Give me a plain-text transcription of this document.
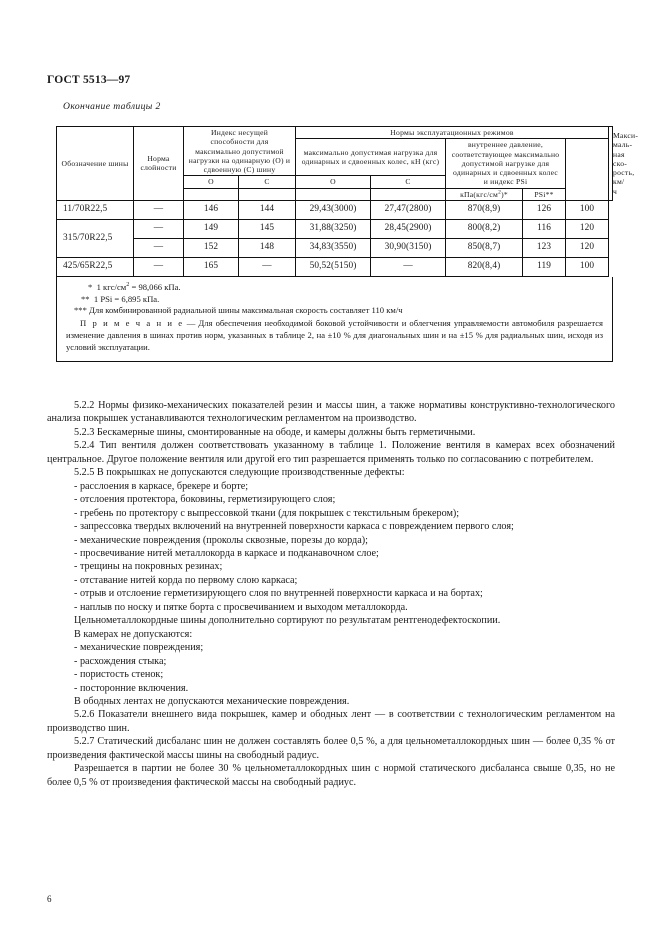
ГОСТ 5513—97
Окончание таблицы 2
Обозначение шины	Норма слойности	Индекс несущей способности для максимально допустимой нагрузки на одинарную (О) и сдвоенную (С) шину		Нормы эксплуатационных режимов					Максимальная скорость, км/ч

				максимально допустимая нагрузка для одинарных и сдвоенных колес, кН (кгс)		внутреннее давление, соответствующее максимально допустимой нагрузке для одинарных и сдвоенных колес и индекс PSi			

		О	С	О	С				
						$кПа(кгс/см^2)*$	PSi**		
11/70R22,5	—	146	144	29,43(3000)	27,47(2800)	870(8,9)	126	100	
315/70R22,5	—	149	145	31,88(3250)	28,45(2900)	800(8,2)	116	120	
	—	152	148	34,83(3550)	30,90(3150)	850(8,7)	123	120	
425/65R22,5	—	165	—	50,52(5150)	—	820(8,4)	119	100	
* 1 кгс/$см^2 = 98,066$ кПа.
** 1 PSi = 6,895 кПа.
*** Для комбинированной радиальной шины максимальная скорость составляет 110 км/ч
П р и м е ч а н и е — Для обеспечения необходимой боковой устойчивости и облегчения управляемости автомобиля разрешается изменение давления в шинах против норм, указанных в таблице 2, на ±10 % для диагональных шин и на ±15 % для радиальных шин, исходя из условий эксплуатации.

5.2.2 Нормы физико-механических показателей резин и массы шин, а также нормативы конструктивно-технологического анализа покрышек устанавливаются технологическим регламентом на производство.

5.2.3 Бескамерные шины, смонтированные на ободе, и камеры должны быть герметичными.

5.2.4 Тип вентиля должен соответствовать указанному в таблице 1. Положение вентиля в камерах всех обозначений центральное. Другое положение вентиля или другой его тип разрешается применять только по согласованию с потребителем.

5.2.5 В покрышках не допускаются следующие производственные дефекты:

- расслоения в каркасе, брекере и борте;

- отслоения протектора, боковины, герметизирующего слоя;

- гребень по протектору с выпрессовкой ткани (для покрышек с текстильным брекером);

- запрессовка твердых включений на внутренней поверхности каркаса с повреждением первого слоя;

- механические повреждения (проколы сквозные, порезы до корда);

- просвечивание нитей металлокорда в каркасе и подканавочном слое;

- трещины на покровных резинах;

- отставание нитей корда по первому слою каркаса;

- отрыв и отслоение герметизирующего слоя по внутренней поверхности каркаса и на бортах;

- наплыв по носку и пятке борта с просвечиванием и выходом металлокорда.

Цельнометаллокордные шины дополнительно сортируют по результатам рентгенодефектоскопии.

В камерах не допускаются:

- механические повреждения;

- расхождения стыка;

- пористость стенок;

- посторонние включения.

В ободных лентах не допускаются механические повреждения.

5.2.6 Показатели внешнего вида покрышек, камер и ободных лент — в соответствии с технологическим регламентом на производство шин.

5.2.7 Статический дисбаланс шин не должен составлять более 0,5 %, а для цельнометаллокордных шин — более 0,35 % от произведения фактической массы шины на свободный радиус.

Разрешается в партии не более 30 % цельнометаллокордных шин с нормой статического дисбаланса свыше 0,35, но не более 0,5 % от произведения фактической массы на свободный радиус.

6
